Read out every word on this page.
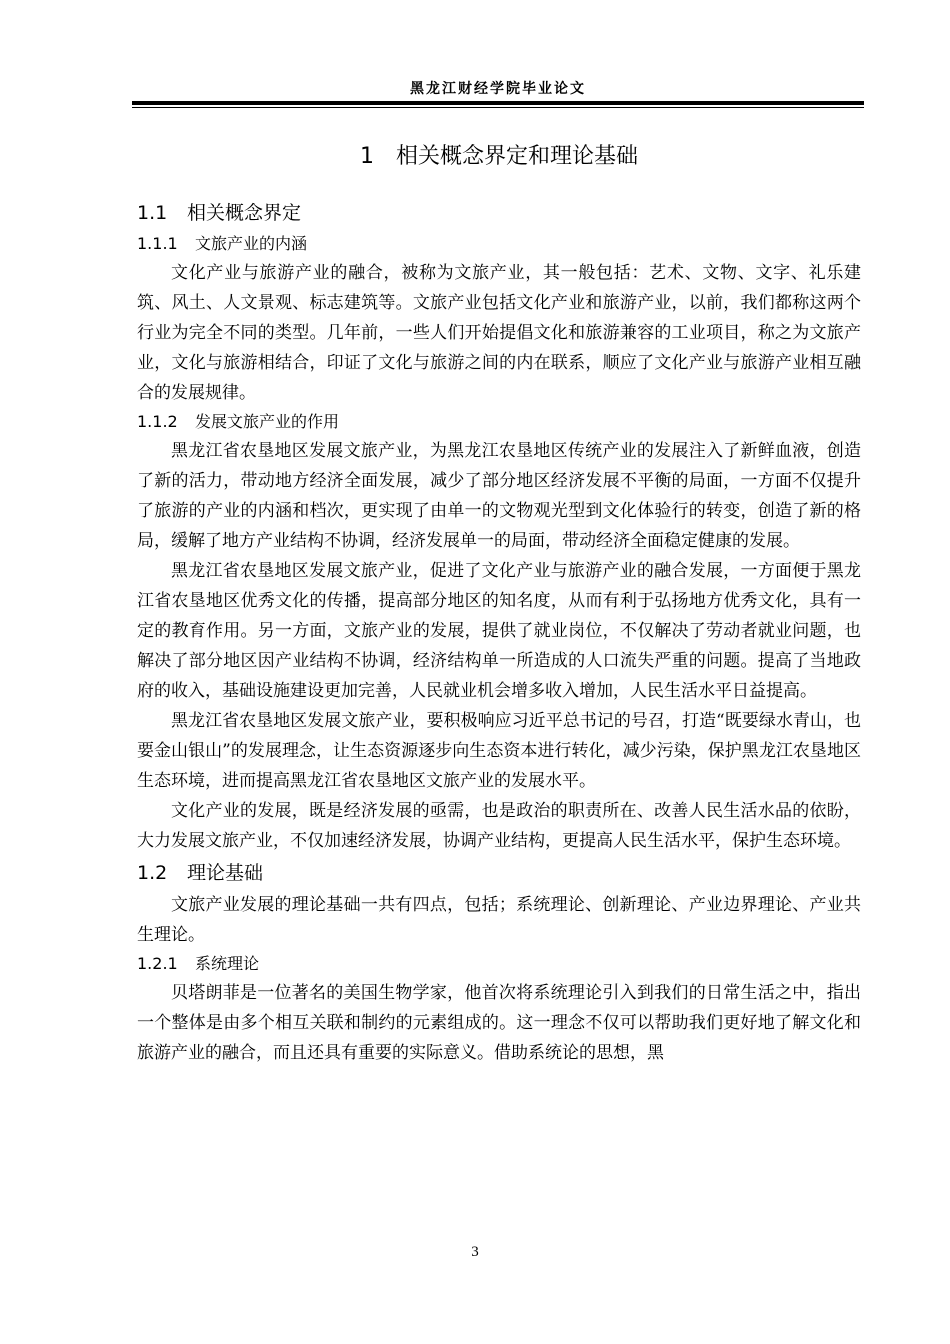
黑龙江财经学院毕业论文
1 相关概念界定和理论基础
1.1 相关概念界定
1.1.1 文旅产业的内涵

文化产业与旅游产业的融合，被称为文旅产业，其一般包括：艺术、文物、文字、礼乐建筑、风土、人文景观、标志建筑等。文旅产业包括文化产业和旅游产业，以前，我们都称这两个行业为完全不同的类型。几年前，一些人们开始提倡文化和旅游兼容的工业项目，称之为文旅产业，文化与旅游相结合，印证了文化与旅游之间的内在联系，顺应了文化产业与旅游产业相互融合的发展规律。

1.1.2 发展文旅产业的作用

黑龙江省农垦地区发展文旅产业，为黑龙江农垦地区传统产业的发展注入了新鲜血液，创造了新的活力，带动地方经济全面发展，减少了部分地区经济发展不平衡的局面，一方面不仅提升了旅游的产业的内涵和档次，更实现了由单一的文物观光型到文化体验行的转变，创造了新的格局，缓解了地方产业结构不协调，经济发展单一的局面，带动经济全面稳定健康的发展。

黑龙江省农垦地区发展文旅产业，促进了文化产业与旅游产业的融合发展，一方面便于黑龙江省农垦地区优秀文化的传播，提高部分地区的知名度，从而有利于弘扬地方优秀文化，具有一定的教育作用。另一方面，文旅产业的发展，提供了就业岗位，不仅解决了劳动者就业问题，也解决了部分地区因产业结构不协调，经济结构单一所造成的人口流失严重的问题。提高了当地政府的收入，基础设施建设更加完善，人民就业机会增多收入增加，人民生活水平日益提高。

黑龙江省农垦地区发展文旅产业，要积极响应习近平总书记的号召，打造“既要绿水青山，也要金山银山”的发展理念，让生态资源逐步向生态资本进行转化，减少污染，保护黑龙江农垦地区生态环境，进而提高黑龙江省农垦地区文旅产业的发展水平。

文化产业的发展，既是经济发展的亟需，也是政治的职责所在、改善人民生活水品的依盼，大力发展文旅产业，不仅加速经济发展，协调产业结构，更提高人民生活水平，保护生态环境。

1.2 理论基础

文旅产业发展的理论基础一共有四点，包括；系统理论、创新理论、产业边界理论、产业共生理论。

1.2.1 系统理论

贝塔朗菲是一位著名的美国生物学家，他首次将系统理论引入到我们的日常生活之中，指出一个整体是由多个相互关联和制约的元素组成的。这一理念不仅可以帮助我们更好地了解文化和旅游产业的融合，而且还具有重要的实际意义。借助系统论的思想，黑

3
